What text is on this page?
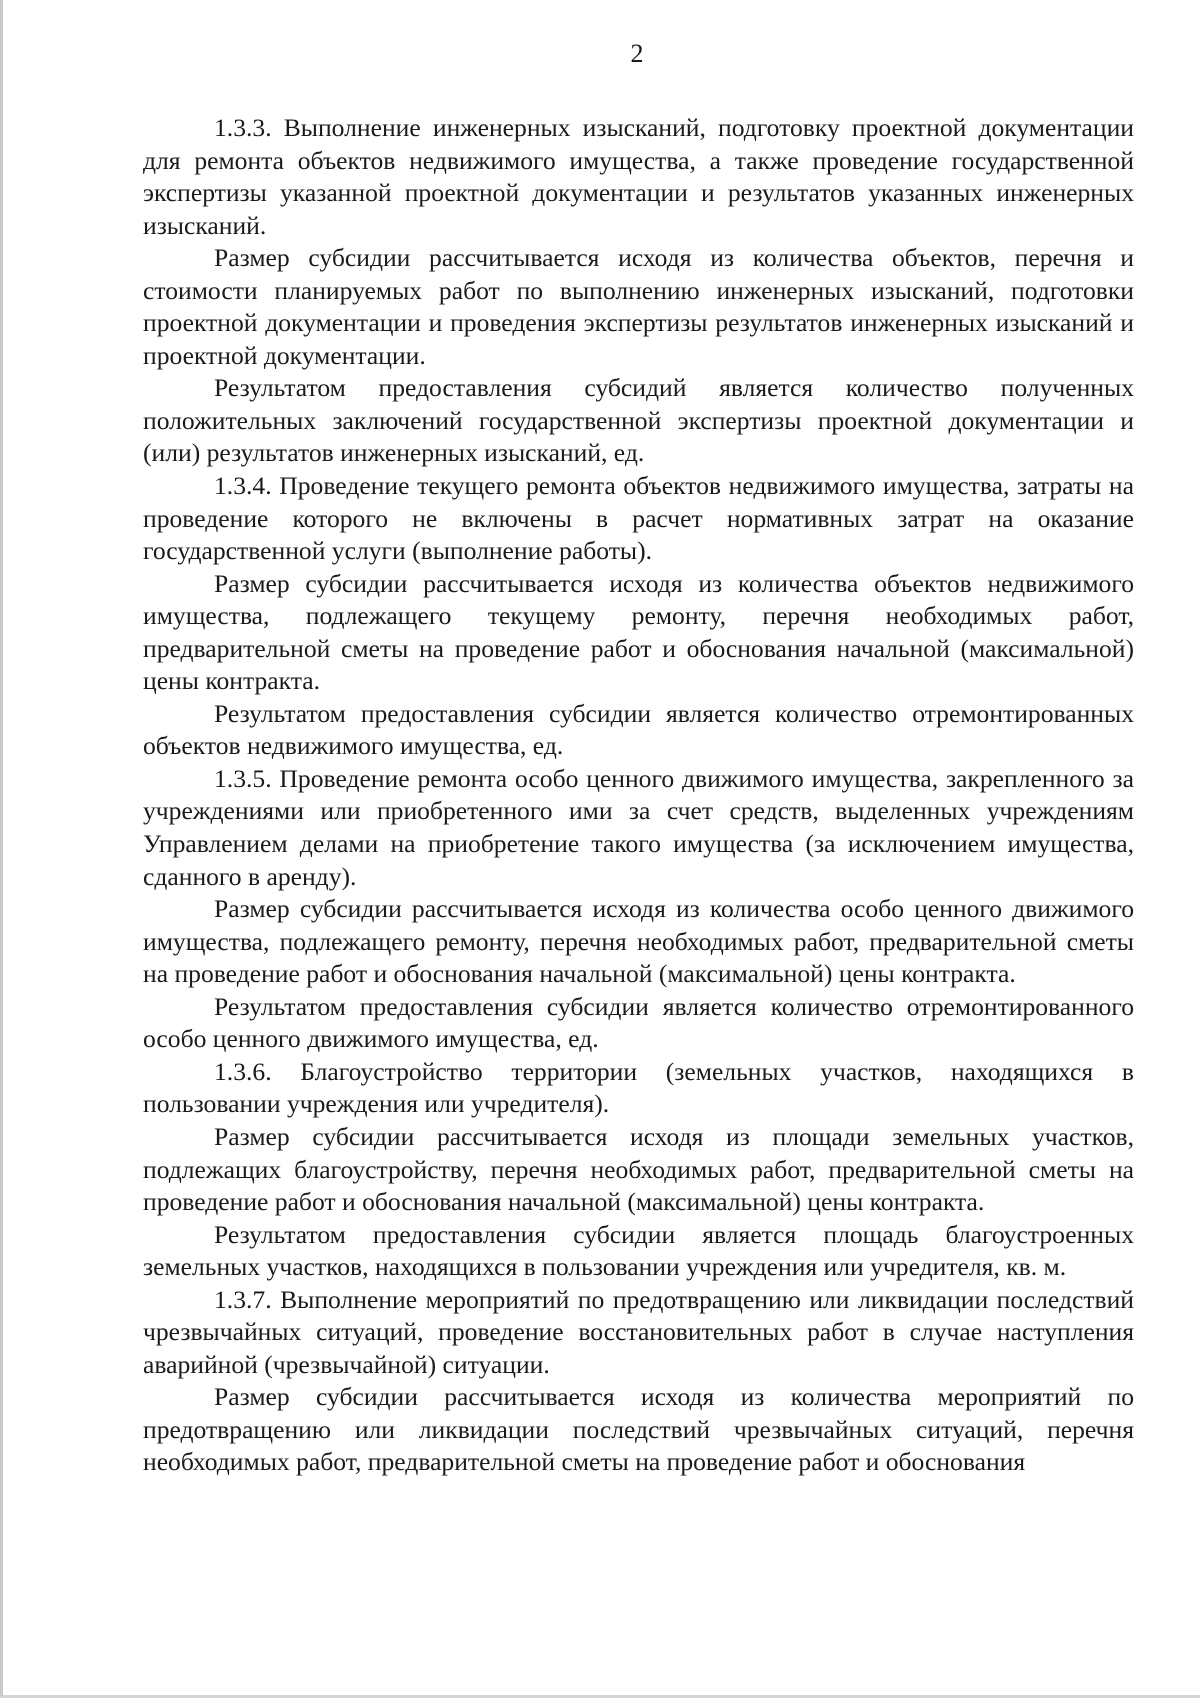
2

1.3.3. Выполнение инженерных изысканий, подготовку проектной документации для ремонта объектов недвижимого имущества, а также проведение государственной экспертизы указанной проектной документации и результатов указанных инженерных изысканий.

Размер субсидии рассчитывается исходя из количества объектов, перечня и стоимости планируемых работ по выполнению инженерных изысканий, подготовки проектной документации и проведения экспертизы результатов инженерных изысканий и проектной документации.

Результатом предоставления субсидий является количество полученных положительных заключений государственной экспертизы проектной документации и (или) результатов инженерных изысканий, ед.

1.3.4. Проведение текущего ремонта объектов недвижимого имущества, затраты на проведение которого не включены в расчет нормативных затрат на оказание государственной услуги (выполнение работы).

Размер субсидии рассчитывается исходя из количества объектов недвижимого имущества, подлежащего текущему ремонту, перечня необходимых работ, предварительной сметы на проведение работ и обоснования начальной (максимальной) цены контракта.

Результатом предоставления субсидии является количество отремонтированных объектов недвижимого имущества, ед.

1.3.5. Проведение ремонта особо ценного движимого имущества, закрепленного за учреждениями или приобретенного ими за счет средств, выделенных учреждениям Управлением делами на приобретение такого имущества (за исключением имущества, сданного в аренду).

Размер субсидии рассчитывается исходя из количества особо ценного движимого имущества, подлежащего ремонту, перечня необходимых работ, предварительной сметы на проведение работ и обоснования начальной (максимальной) цены контракта.

Результатом предоставления субсидии является количество отремонтированного особо ценного движимого имущества, ед.

1.3.6. Благоустройство территории (земельных участков, находящихся в пользовании учреждения или учредителя).

Размер субсидии рассчитывается исходя из площади земельных участков, подлежащих благоустройству, перечня необходимых работ, предварительной сметы на проведение работ и обоснования начальной (максимальной) цены контракта.

Результатом предоставления субсидии является площадь благоустроенных земельных участков, находящихся в пользовании учреждения или учредителя, кв. м.

1.3.7. Выполнение мероприятий по предотвращению или ликвидации последствий чрезвычайных ситуаций, проведение восстановительных работ в случае наступления аварийной (чрезвычайной) ситуации.

Размер субсидии рассчитывается исходя из количества мероприятий по предотвращению или ликвидации последствий чрезвычайных ситуаций, перечня необходимых работ, предварительной сметы на проведение работ и обоснования
